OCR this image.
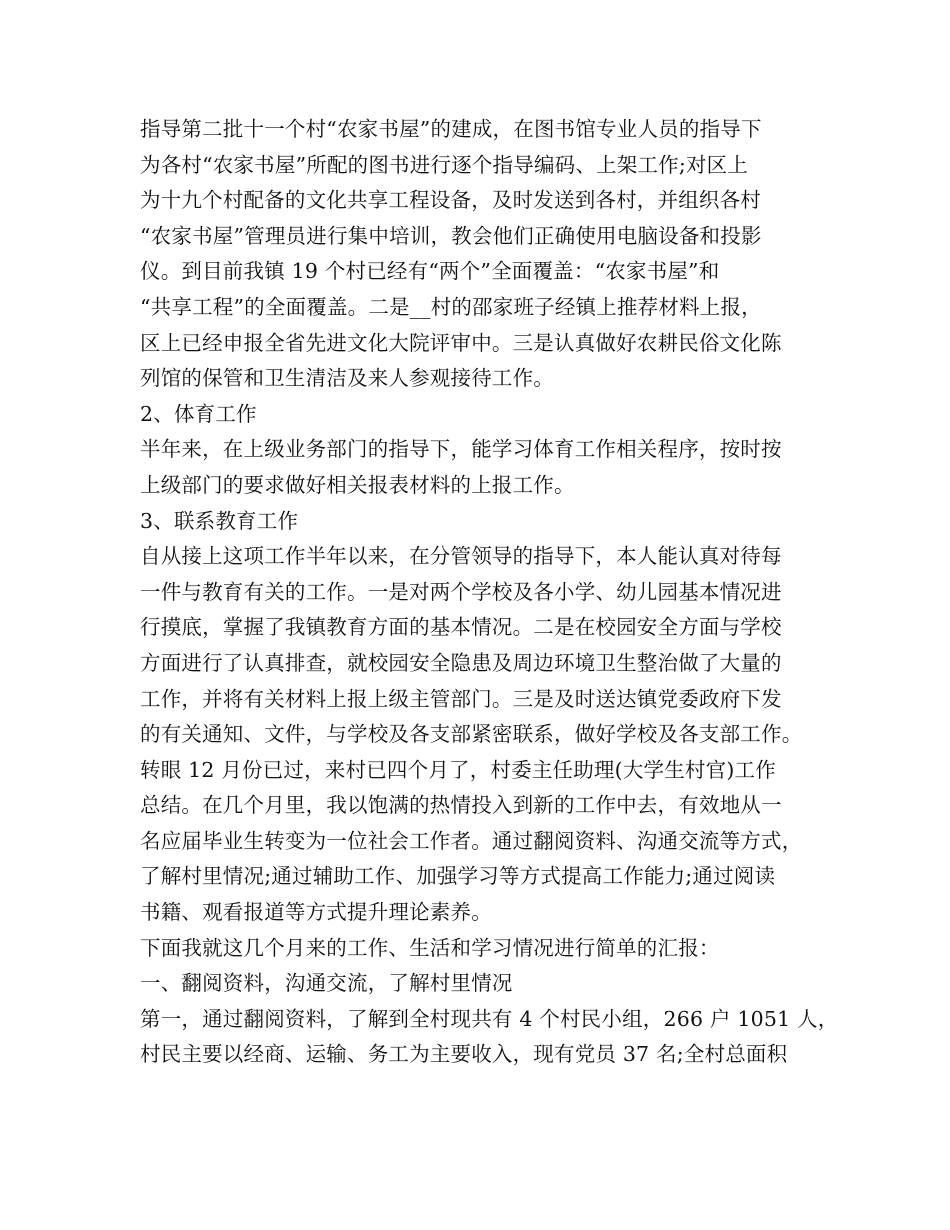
指导第二批十一个村“农家书屋”的建成，在图书馆专业人员的指导下
为各村“农家书屋”所配的图书进行逐个指导编码、上架工作;对区上
为十九个村配备的文化共享工程设备，及时发送到各村，并组织各村
“农家书屋”管理员进行集中培训，教会他们正确使用电脑设备和投影
仪。到目前我镇 19 个村已经有“两个”全面覆盖：“农家书屋”和
“共享工程”的全面覆盖。二是__村的邵家班子经镇上推荐材料上报，
区上已经申报全省先进文化大院评审中。三是认真做好农耕民俗文化陈
列馆的保管和卫生清洁及来人参观接待工作。
2、体育工作
半年来，在上级业务部门的指导下，能学习体育工作相关程序，按时按
上级部门的要求做好相关报表材料的上报工作。
3、联系教育工作
自从接上这项工作半年以来，在分管领导的指导下，本人能认真对待每
一件与教育有关的工作。一是对两个学校及各小学、幼儿园基本情况进
行摸底，掌握了我镇教育方面的基本情况。二是在校园安全方面与学校
方面进行了认真排查，就校园安全隐患及周边环境卫生整治做了大量的
工作，并将有关材料上报上级主管部门。三是及时送达镇党委政府下发
的有关通知、文件，与学校及各支部紧密联系，做好学校及各支部工作。
转眼 12 月份已过，来村已四个月了，村委主任助理(大学生村官)工作
总结。在几个月里，我以饱满的热情投入到新的工作中去，有效地从一
名应届毕业生转变为一位社会工作者。通过翻阅资料、沟通交流等方式，
了解村里情况;通过辅助工作、加强学习等方式提高工作能力;通过阅读
书籍、观看报道等方式提升理论素养。
下面我就这几个月来的工作、生活和学习情况进行简单的汇报：
一、翻阅资料，沟通交流，了解村里情况
第一，通过翻阅资料，了解到全村现共有 4 个村民小组，266 户 1051 人，
村民主要以经商、运输、务工为主要收入，现有党员 37 名;全村总面积
